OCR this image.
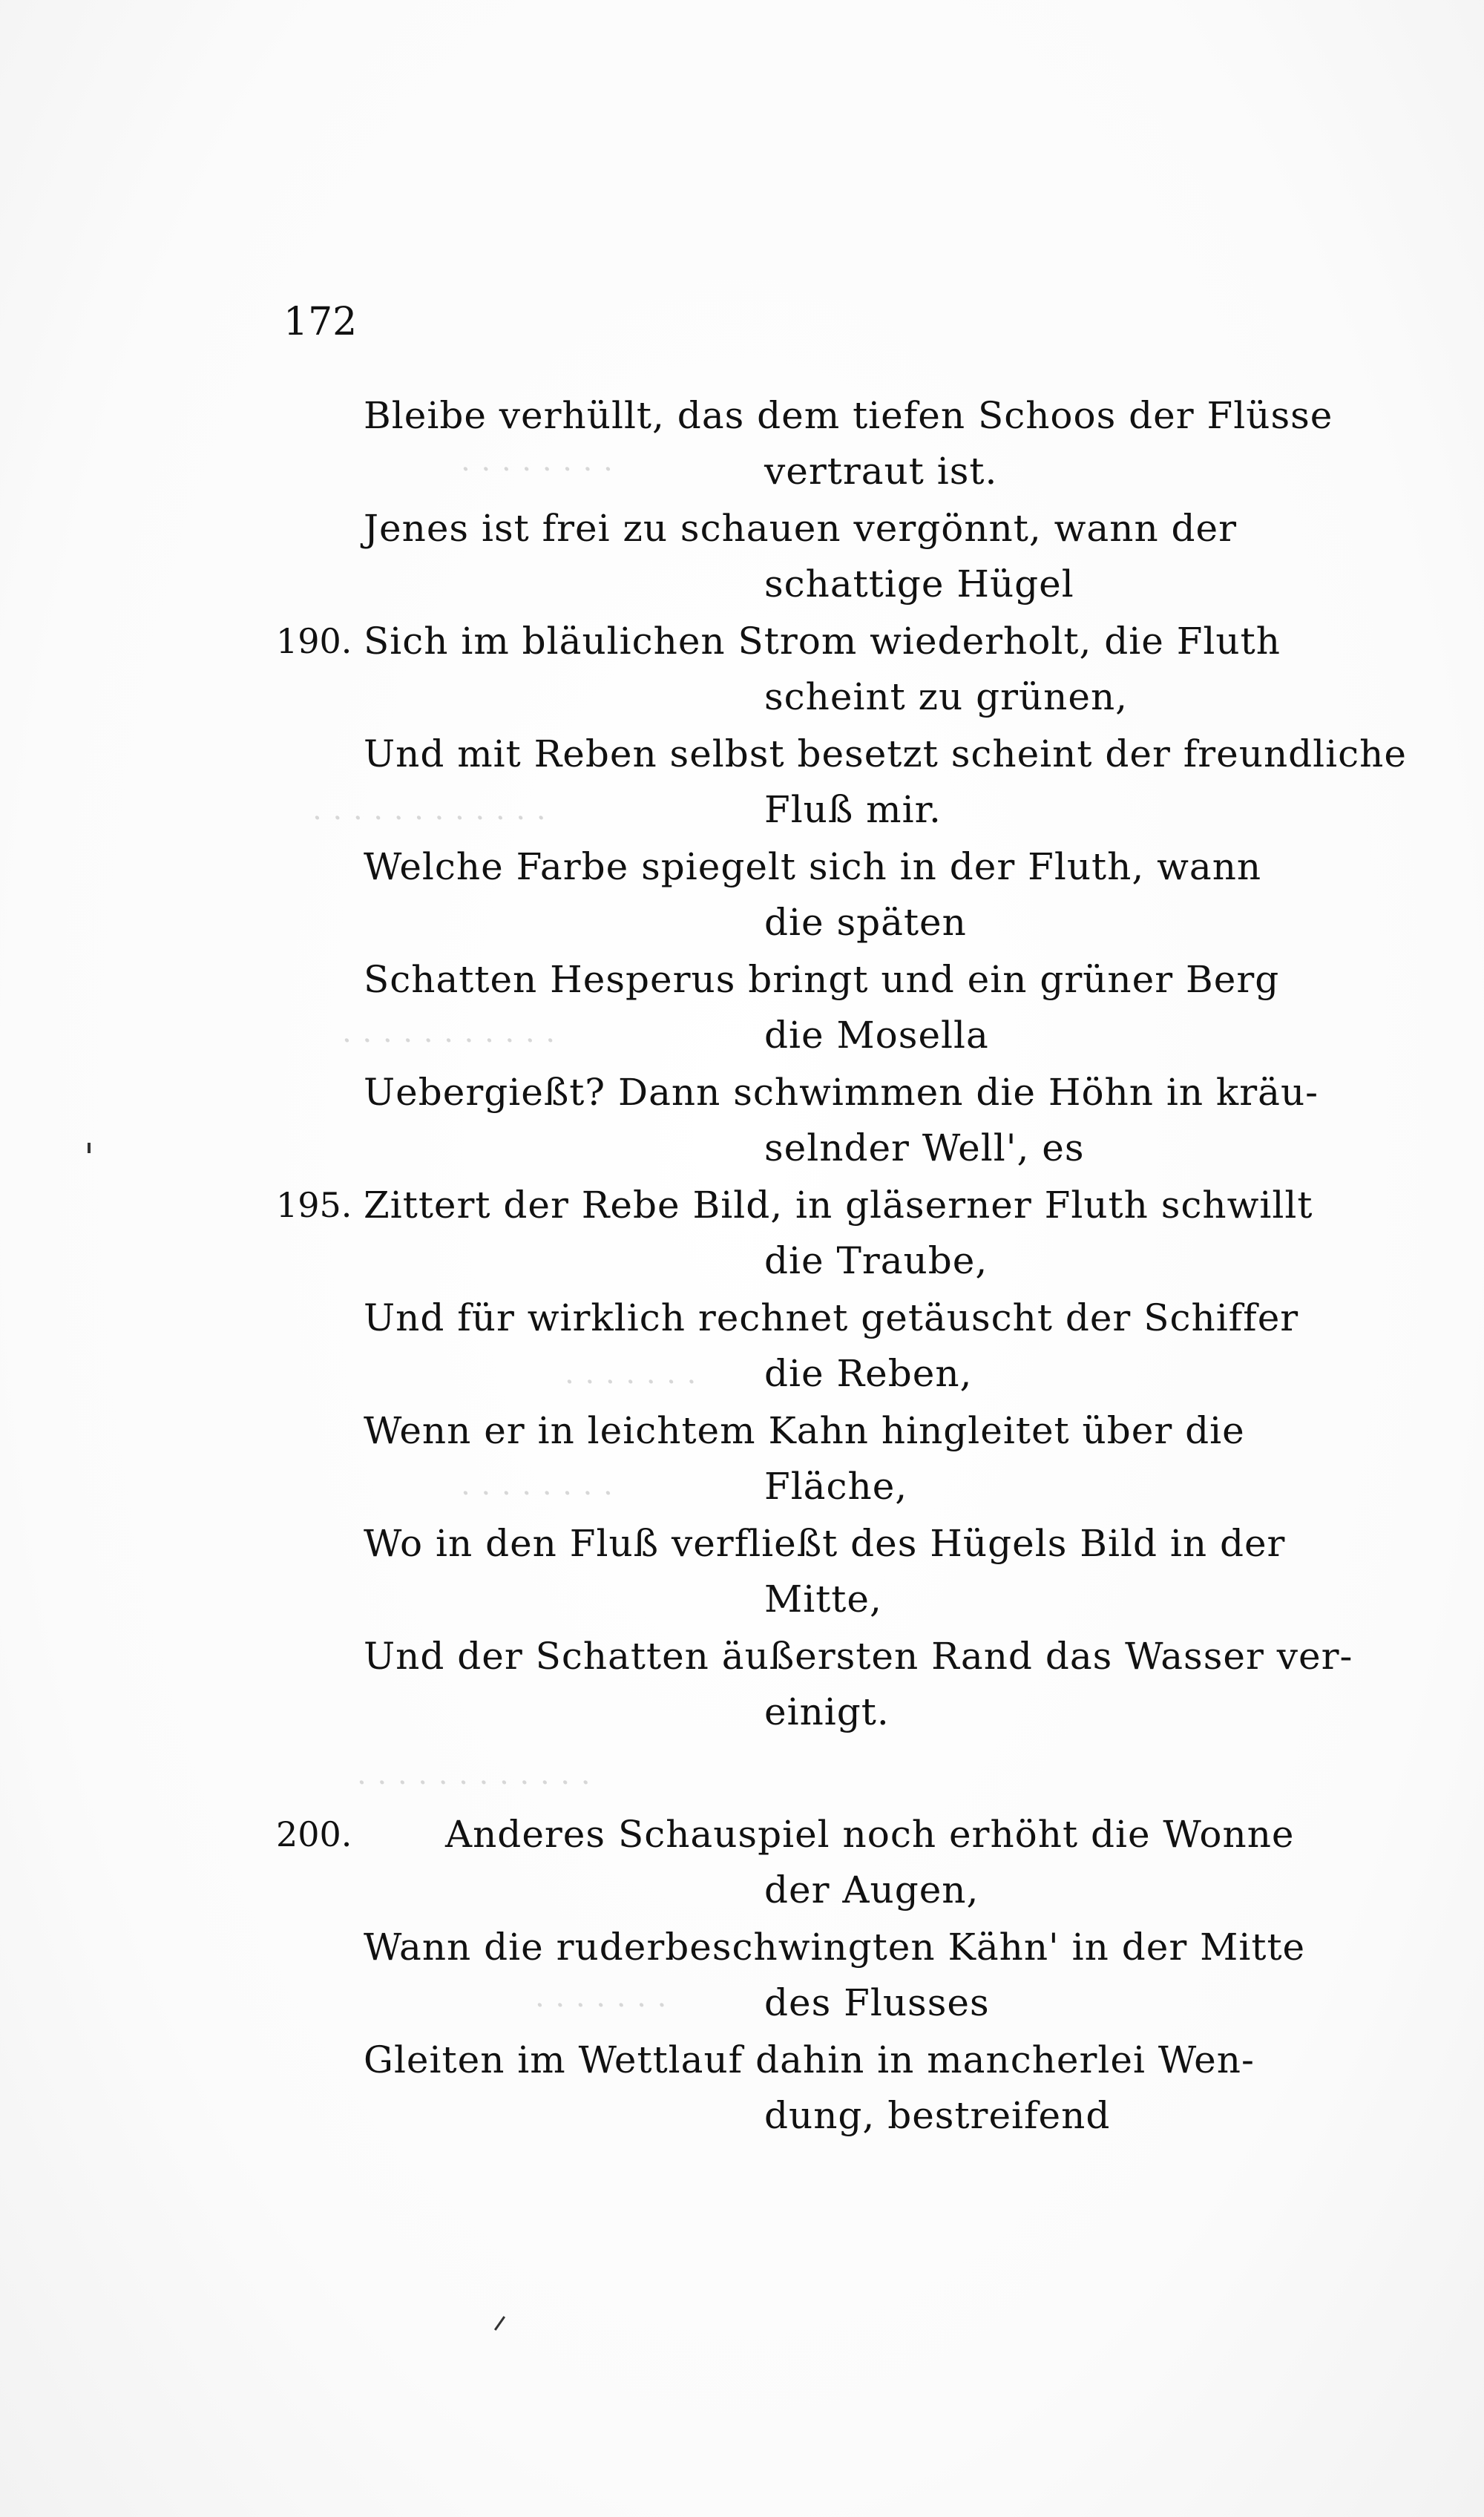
· · · · · · · ·
· · · · · · · · · · · ·
· · · · · · · · · · ·
· · · · · · ·
· · · · · · · ·
· · · · · · · · · · · ·
· · · · · · ·
172
Bleibe verhüllt, das dem tiefen Schoos der Flüsse
vertraut ist.
Jenes ist frei zu schauen vergönnt, wann der
schattige Hügel
190. Sich im bläulichen Strom wiederholt, die Fluth
scheint zu grünen,
Und mit Reben selbst besetzt scheint der freundliche
Fluß mir.
Welche Farbe spiegelt sich in der Fluth, wann
die späten
Schatten Hesperus bringt und ein grüner Berg
die Mosella
Uebergießt? Dann schwimmen die Höhn in kräu-
selnder Well', es
195. Zittert der Rebe Bild, in gläserner Fluth schwillt
die Traube,
Und für wirklich rechnet getäuscht der Schiffer
die Reben,
Wenn er in leichtem Kahn hingleitet über die
Fläche,
Wo in den Fluß verfließt des Hügels Bild in der
Mitte,
Und der Schatten äußersten Rand das Wasser ver-
einigt.
200.	Anderes Schauspiel noch erhöht die Wonne
der Augen,
Wann die ruderbeschwingten Kähn' in der Mitte
des Flusses
Gleiten im Wettlauf dahin in mancherlei Wen-
dung, bestreifend
